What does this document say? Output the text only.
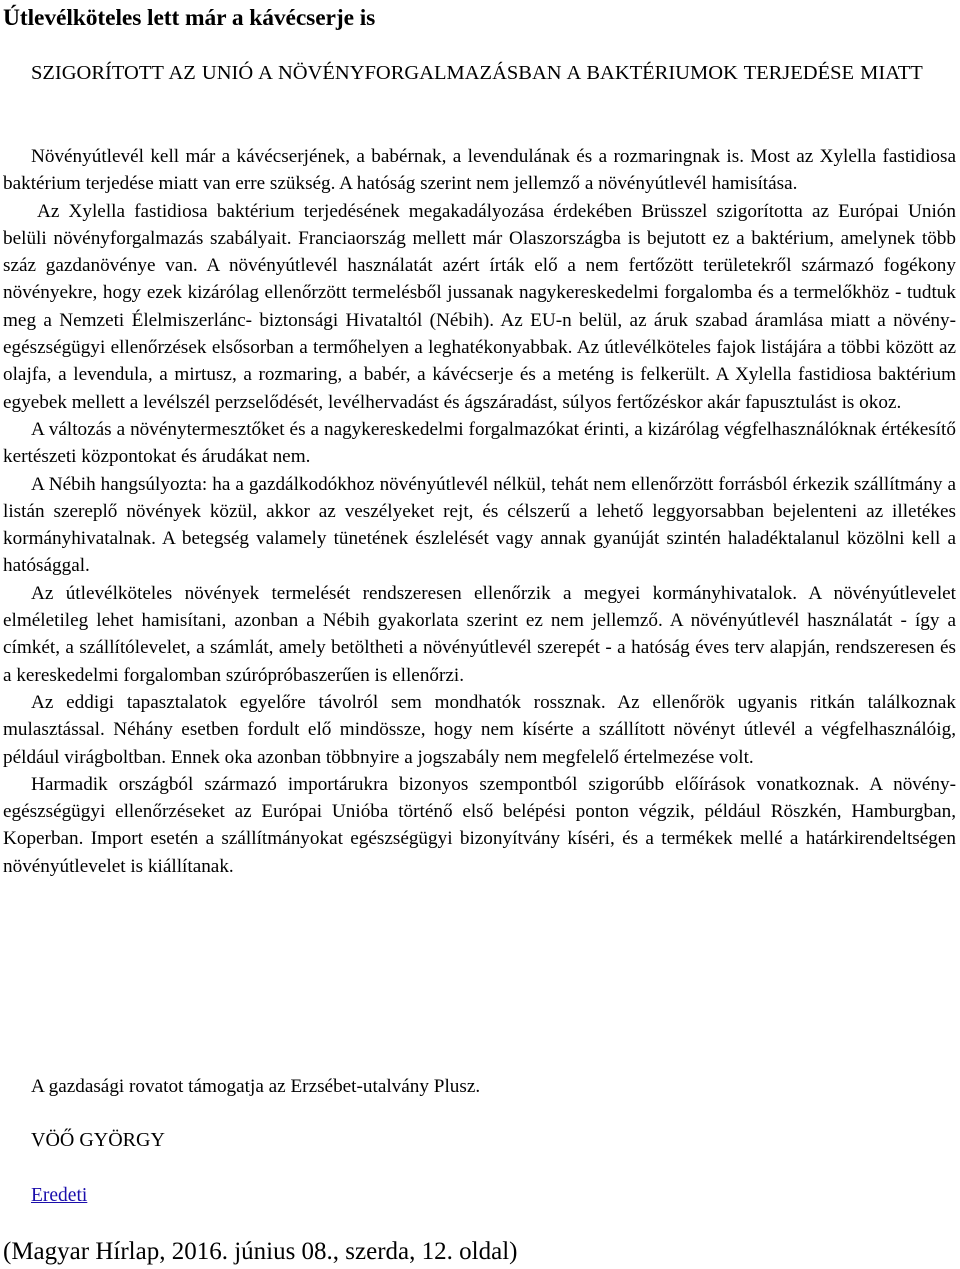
Útlevélköteles lett már a kávécserje is

SZIGORÍTOTT AZ UNIÓ A NÖVÉNYFORGALMAZÁSBAN A BAKTÉRIUMOK TERJEDÉSE MIATT

Növényútlevél kell már a kávécserjének, a babérnak, a levendulának és a rozmaringnak is. Most az Xylella fastidiosa baktérium terjedése miatt van erre szükség. A hatóság szerint nem jellemző a növényútlevél hamisítása.

Az Xylella fastidiosa baktérium terjedésének megakadályozása érdekében Brüsszel szigorította az Európai Unión belüli növényforgalmazás szabályait. Franciaország mellett már Olaszországba is bejutott ez a baktérium, amelynek több száz gazdanövénye van. A növényútlevél használatát azért írták elő a nem fertőzött területekről származó fogékony növényekre, hogy ezek kizárólag ellenőrzött termelésből jussanak nagykereskedelmi forgalomba és a termelőkhöz - tudtuk meg a Nemzeti Élelmiszerlánc- biztonsági Hivataltól (Nébih). Az EU-n belül, az áruk szabad áramlása miatt a növény-egészségügyi ellenőrzések elsősorban a termőhelyen a leghatékonyabbak. Az útlevélköteles fajok listájára a többi között az olajfa, a levendula, a mirtusz, a rozmaring, a babér, a kávécserje és a meténg is felkerült. A Xylella fastidiosa baktérium egyebek mellett a levélszél perzselődését, levélhervadást és ágszáradást, súlyos fertőzéskor akár fapusztulást is okoz.

A változás a növénytermesztőket és a nagykereskedelmi forgalmazókat érinti, a kizárólag végfelhasználóknak értékesítő kertészeti központokat és árudákat nem.

A Nébih hangsúlyozta: ha a gazdálkodókhoz növényútlevél nélkül, tehát nem ellenőrzött forrásból érkezik szállítmány a listán szereplő növények közül, akkor az veszélyeket rejt, és célszerű a lehető leggyorsabban bejelenteni az illetékes kormányhivatalnak. A betegség valamely tünetének észlelését vagy annak gyanúját szintén haladéktalanul közölni kell a hatósággal.

Az útlevélköteles növények termelését rendszeresen ellenőrzik a megyei kormányhivatalok. A növényútlevelet elméletileg lehet hamisítani, azonban a Nébih gyakorlata szerint ez nem jellemző. A növényútlevél használatát - így a címkét, a szállítólevelet, a számlát, amely betöltheti a növényútlevél szerepét - a hatóság éves terv alapján, rendszeresen és a kereskedelmi forgalomban szúrópróbaszerűen is ellenőrzi.

Az eddigi tapasztalatok egyelőre távolról sem mondhatók rossznak. Az ellenőrök ugyanis ritkán találkoznak mulasztással. Néhány esetben fordult elő mindössze, hogy nem kísérte a szállított növényt útlevél a végfelhasználóig, például virágboltban. Ennek oka azonban többnyire a jogszabály nem megfelelő értelmezése volt.

Harmadik országból származó importárukra bizonyos szempontból szigorúbb előírások vonatkoznak. A növény-egészségügyi ellenőrzéseket az Európai Unióba történő első belépési ponton végzik, például Röszkén, Hamburgban, Koperban. Import esetén a szállítmányokat egészségügyi bizonyítvány kíséri, és a termékek mellé a határkirendeltségen növényútlevelet is kiállítanak.

A gazdasági rovatot támogatja az Erzsébet-utalvány Plusz.

VÖŐ GYÖRGY

Eredeti

(Magyar Hírlap, 2016. június 08., szerda, 12. oldal)
